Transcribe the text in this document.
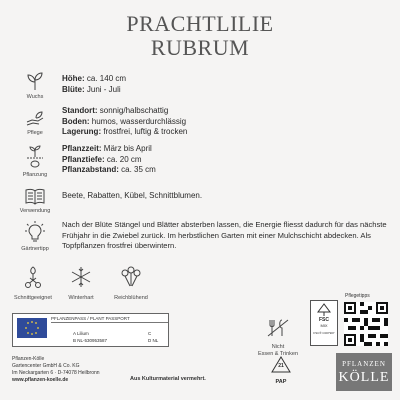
PRACHTLILIE
RUBRUM
Wuchs
Höhe: ca. 140 cm
Blüte: Juni - Juli
Pflege
Standort: sonnig/halbschattig
Boden: humos, wasserdurchlässig
Lagerung: frostfrei, luftig & trocken
Pflanzung
Pflanzzeit: März bis April
Pflanztiefe: ca. 20 cm
Pflanzabstand: ca. 35 cm
Verwendung
Beete, Rabatten, Kübel, Schnittblumen.
Gärtnertipp
Nach der Blüte Stängel und Blätter absterben lassen, die Energie fliesst dadurch für das nächste Frühjahr in die Zwiebel zurück. Im herbstlichen Garten mit einer Mulchschicht abdecken. Als Topfpflanzen frostfrei überwintern.
Schnittgeeignet	Winterhart	Reichblühend
PFLANZENPASS / PLANT PASSPORT
A Lilium
B NL-530953587
C
D NL
Nicht
Essen & Trinken
FSC
MIX
FSC® C007907
21
PAP
Pflegetipps
Pflanzen-Kölle
Gartencenter GmbH & Co. KG
Im Neckargarten 6 · D-74078 Heilbronn
www.pflanzen-koelle.de	Aus Kulturmaterial vermehrt.
PFLANZEN
KÖLLE
